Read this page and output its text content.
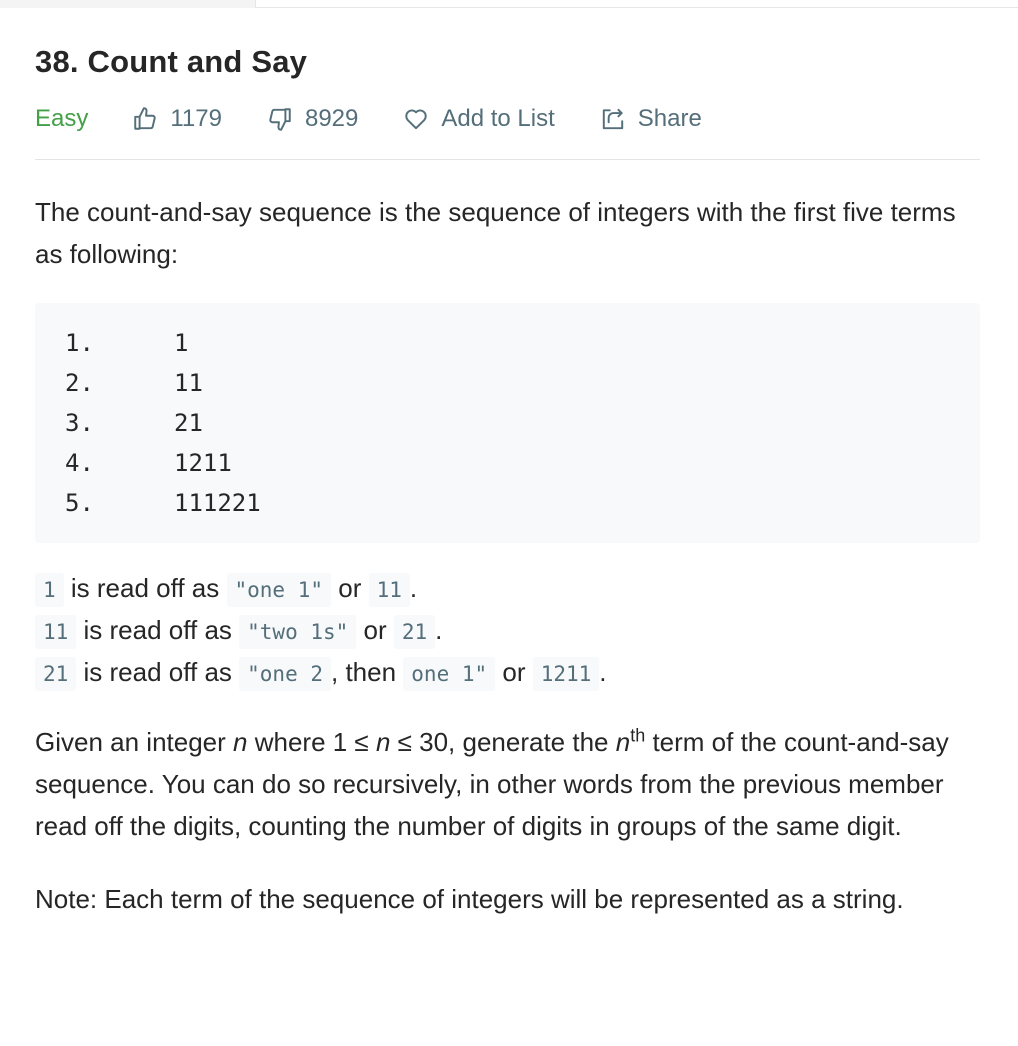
38. Count and Say
Easy	1179	8929	Add to List	Share

The count-and-say sequence is the sequence of integers with the first five terms as following:

1.	1
2.	11
3.	21
4.	1211
5.	111221
1 is read off as "one 1" or 11 .
11 is read off as "two 1s" or 21 .
21 is read off as "one 2 , then one 1" or 1211 .

Given an integer n where 1 ≤ n ≤ 30, generate the $n^{th}$ term of the count-and-say sequence. You can do so recursively, in other words from the previous member read off the digits, counting the number of digits in groups of the same digit.

Note: Each term of the sequence of integers will be represented as a string.
